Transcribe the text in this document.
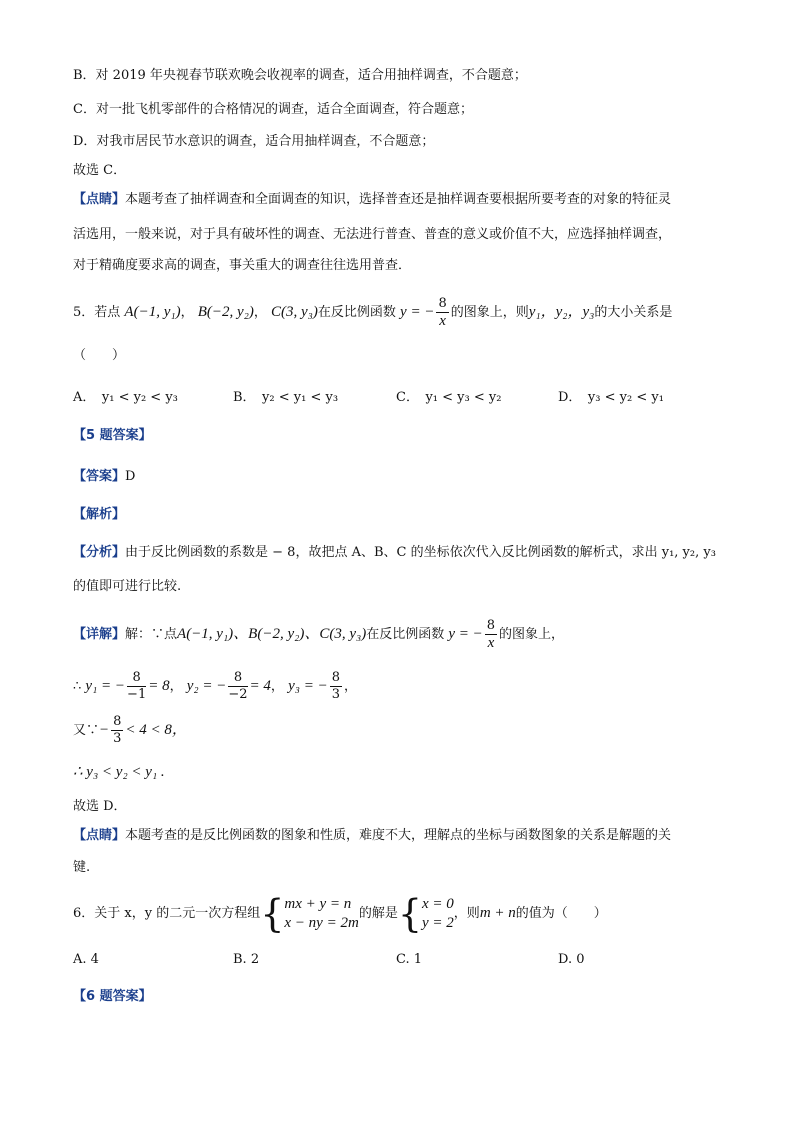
B．对 2019 年央视春节联欢晚会收视率的调查，适合用抽样调查，不合题意；
C．对一批飞机零部件的合格情况的调查，适合全面调查，符合题意；
D．对我市居民节水意识的调查，适合用抽样调查，不合题意；
故选 C．
【点睛】本题考查了抽样调查和全面调查的知识，选择普查还是抽样调查要根据所要考查的对象的特征灵
活选用，一般来说，对于具有破坏性的调查、无法进行普查、普查的意义或价值不大，应选择抽样调查，
对于精确度要求高的调查，事关重大的调查往往选用普查．
5．若点 A(−1, y₁)， B(−2, y₂)， C(3, y₃)在反比例函数 y = − $\frac{8}{x}$ 的图象上，则y₁，y₂，y₃的大小关系是
（　　）
A．　y₁ < y₂ < y₃	B．　y₂ < y₁ < y₃	C．　y₁ < y₃ < y₂	D．　y₃ < y₂ < y₁
【5 题答案】
【答案】D
【解析】
【分析】由于反比例函数的系数是 − 8，故把点 A、B、C 的坐标依次代入反比例函数的解析式，求出 y₁, y₂, y₃
的值即可进行比较.
【详解】解：∵点A(−1, y₁)、B(−2, y₂)、C(3, y₃)在反比例函数 y = − $\frac{8}{x}$ 的图象上，
∴ y₁ = − $\frac{8}{-1} = 8$， y₂ = − $\frac{8}{-2} = 4$， y₃ = − $\frac{8}{3}$ ，
又∵− $\frac{8}{3} < 4 < 8$，
∴ y₃ < y₂ < y₁ .
故选 D．
【点睛】本题考查的是反比例函数的图象和性质，难度不大，理解点的坐标与函数图象的关系是解题的关
键.
6．关于 x，y 的二元一次方程组{ mx + y = n
x − ny = 2m
的解是{ x = 0
y = 2
，则m + n的值为（　　）
A. 4	B. 2	C. 1	D. 0
【6 题答案】
